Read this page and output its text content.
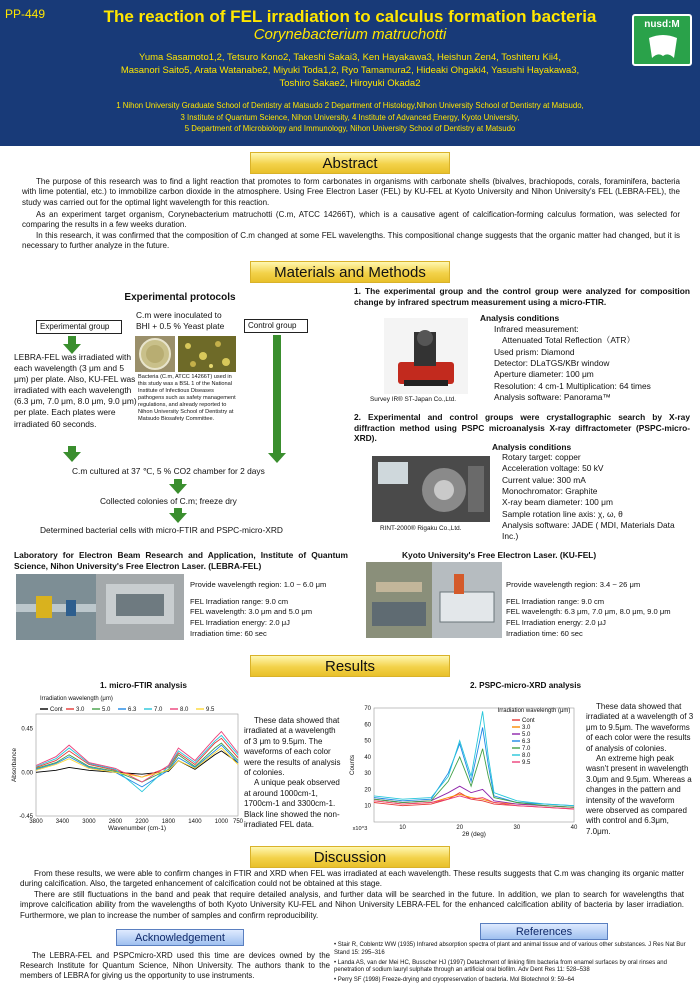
PP-449	The reaction of FEL irradiation to calculus formation bacteria
Corynebacterium matruchotti
Yuma Sasamoto1,2, Tetsuro Kono2, Takeshi Sakai3, Ken Hayakawa3, Heishun Zen4, Toshiteru Kii4,
Masanori Saito5, Arata Watanabe2, Miyuki Toda1,2, Ryo Tamamura2, Hideaki Ohgaki4, Yasushi Hayakawa3,
Toshiro Sakae2, Hiroyuki Okada2
1 Nihon University Graduate School of Dentistry at Matsudo 2 Department of Histology,Nihon University School of Dentistry at Matsudo,
3 Institute of Quantum Science, Nihon University, 4 Institute of Advanced Energy, Kyoto University,
5 Department of Microbiology and Immunology, Nihon University School of Dentistry at Matsudo
nusd:M
Abstract
The purpose of this research was to find a light reaction that promotes to form carbonates in organisms with carbonate shells (bivalves, brachiopods, corals, foraminifera, bacteria with lime potential, etc.) to immobilize carbon dioxide in the atmosphere. Using Free Electron Laser (FEL) by KU-FEL at Kyoto University and Nihon University's FEL (LEBRA-FEL), the study was carried out for the optimal light wavelength for this reaction.
As an experiment target organism, Corynebacterium matruchotti (C.m, ATCC 14266T), which is a causative agent of calcification-forming calculus formation, was selected for comparing the results in a few weeks duration.
In this research, it was confirmed that the composition of C.m changed at some FEL wavelengths. This compositional change suggests that the organic matter had changed, but it is necessary to further analyze in the future.
Materials and Methods
Experimental protocols
Experimental group	Control group
C.m were inoculated to BHI + 0.5 % Yeast plate
LEBRA-FEL was irradiated with each wavelength (3 μm and 5 μm) per plate. Also, KU-FEL was irradiated with each wavelength (6.3 μm, 7.0 μm, 8.0 μm, 9.0 μm) per plate. Each plates were irradiated 60 seconds.
Bacteria (C.m, ATCC 14266T) used in this study was a BSL 1 of the National Institute of Infectious Diseases pathogens such as safety management regulations, and already reported to Nihon University School of Dentistry at Matsudo Biosafety Committee.
C.m cultured at 37 ℃, 5 % CO2 chamber for 2 days
Collected colonies of C.m; freeze dry
Determined bacterial cells with micro-FTIR and PSPC-micro-XRD
1. The experimental group and the control group were analyzed for composition change by infrared spectrum measurement using a micro-FTIR.
Analysis conditions
Infrared measurement:
Attenuated Total Reflection（ATR）
Used prism: Diamond
Detector: DLaTGS/KBr window
Aperture diameter: 100 μm
Resolution: 4 cm-1 Multiplication: 64 times
Analysis software: Panorama™
Survey IR® ST-Japan Co.,Ltd.
2. Experimental and control groups were crystallographic search by X-ray diffraction method using PSPC microanalysis X-ray diffractometer (PSPC-micro-XRD).
Analysis conditions
Rotary target: copper
Acceleration voltage: 50 kV
Current value: 300 mA
Monochromator: Graphite
X-ray beam diameter: 100 μm
Sample rotation line axis: χ, ω, θ
Analysis software: JADE ( MDI, Materials Data Inc.)
RINT-2000® Rigaku Co.,Ltd.
Laboratory for Electron Beam Research and Application, Institute of Quantum Science, Nihon University's Free Electron Laser. (LEBRA-FEL)
Provide wavelength region: 1.0 ~ 6.0 μm
FEL Irradiation range: 9.0 cm
FEL wavelength: 3.0 μm and 5.0 μm
FEL Irradiation energy: 2.0 μJ
Irradiation time: 60 sec
Kyoto University's Free Electron Laser. (KU-FEL)
Provide wavelength region: 3.4 ~ 26 μm
FEL Irradiation range: 9.0 cm
FEL wavelength: 6.3 μm, 7.0 μm, 8.0 μm, 9.0 μm
FEL Irradiation energy: 2.0 μJ
Irradiation time: 60 sec
Results
1. micro-FTIR analysis	2. PSPC-micro-XRD analysis
3800 3400 3000 2600 2200 1800 1400 1000 750
0.45
0.00
-0.45
Wavenumber (cm-1)
Absorbance
Irradiation wavelength (μm)
Cont 3.0	5.0	6.3	7.0	8.0	9.5
10	20	30	40
10
20
30
40
50
60
70
2θ (deg)
Counts
x10^3
Irradiation wavelength (μm)
Cont
3.0
5.0
6.3
7.0
8.0
9.5
These data showed that irradiated at a wavelength of 3 μm to 9.5μm. The waveforms of each color were the results of analysis of colonies.
A unique peak observed at around 1000cm-1, 1700cm-1 and 3300cm-1. Black line showed the non-irradiated FEL data.
These data showed that irradiated at a wavelength of 3 μm to 9.5μm. The waveforms of each color were the results of analysis of colonies.
An extreme high peak wasn't present in wavelength 3.0μm and 9.5μm. Whereas a changes in the pattern and intensity of the waveform were observed as compared with control and 6.3μm, 7.0μm.
Discussion
From these results, we were able to confirm changes in FTIR and XRD when FEL was irradiated at each wavelength. These results suggests that C.m was changing its organic matter during calcification. Also, the targeted enhancement of calcification could not be obtained at this stage.
There are still fluctuations in the band and peak that require detailed analysis, and further data will be searched in the future. In addition, we plan to search for wavelengths that improve calcification ability from the wavelengths of both Kyoto University KU-FEL and Nihon University LEBRA-FEL for the enhanced calcification ability of bacteria by laser irradiation. Furthermore, we plan to increase the number of samples and confirm reproducibility.
Acknowledgement
The LEBRA-FEL and PSPCmicro-XRD used this time are devices owned by the Research Institute for Quantum Science, Nihon University. The authors thank to the members of LEBRA for giving us the opportunity to use instruments.
References
• Stair R, Coblentz WW (1935) Infrared absorption spectra of plant and animal tissue and of various other substances. J Res Nat Bur Stand 15: 295–316
• Landa AS, van der Mei HC, Busscher HJ (1997) Detachment of linking film bacteria from enamel surfaces by oral rinses and penetration of sodium lauryl sulphate through an artificial oral biofilm. Adv Dent Res 11: 528–538
• Perry SF (1998) Freeze-drying and cryopreservation of bacteria. Mol Biotechnol 9: 59–64
